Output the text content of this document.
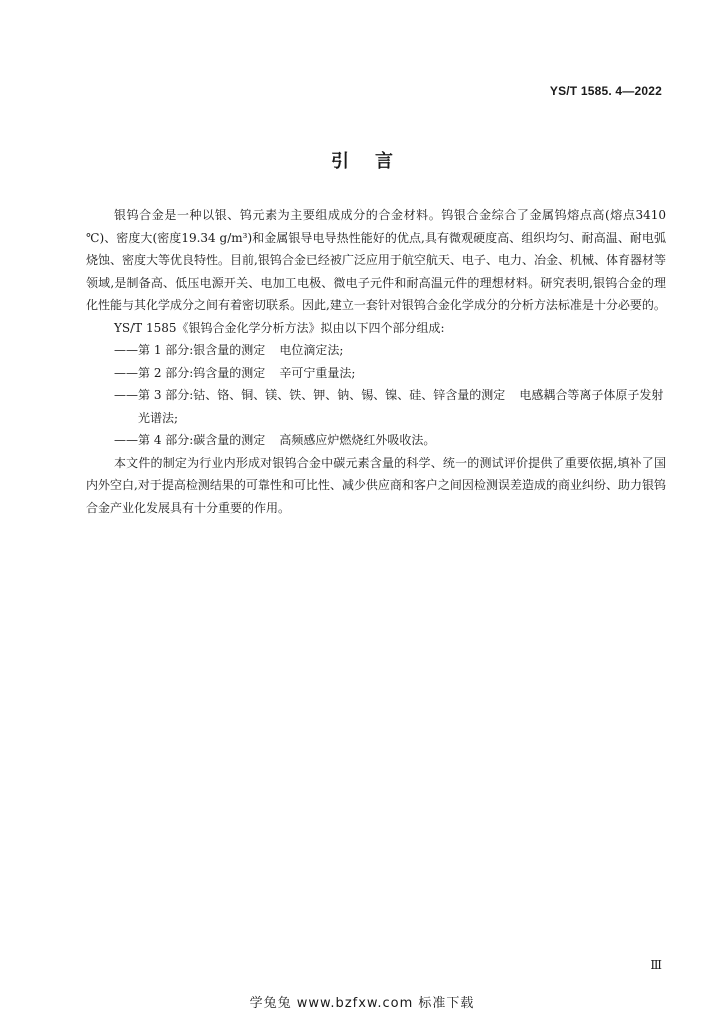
YS/T 1585. 4—2022
引言

银钨合金是一种以银、钨元素为主要组成成分的合金材料。钨银合金综合了金属钨熔点高(熔点3410 ℃)、密度大(密度19.34 g/m³)和金属银导电导热性能好的优点,具有微观硬度高、组织均匀、耐高温、耐电弧烧蚀、密度大等优良特性。目前,银钨合金已经被广泛应用于航空航天、电子、电力、冶金、机械、体育器材等领域,是制备高、低压电源开关、电加工电极、微电子元件和耐高温元件的理想材料。研究表明,银钨合金的理化性能与其化学成分之间有着密切联系。因此,建立一套针对银钨合金化学成分的分析方法标准是十分必要的。

YS/T 1585《银钨合金化学分析方法》拟由以下四个部分组成:

—— 第 1 部分:银含量的测定 电位滴定法;
—— 第 2 部分:钨含量的测定 辛可宁重量法;
—— 第 3 部分:钴、铬、铜、镁、铁、钾、钠、锡、镍、硅、锌含量的测定 电感耦合等离子体原子发射光谱法;
—— 第 4 部分:碳含量的测定 高频感应炉燃烧红外吸收法。

本文件的制定为行业内形成对银钨合金中碳元素含量的科学、统一的测试评价提供了重要依据,填补了国内外空白,对于提高检测结果的可靠性和可比性、减少供应商和客户之间因检测误差造成的商业纠纷、助力银钨合金产业化发展具有十分重要的作用。

Ⅲ
学兔兔 www.bzfxw.com 标准下载
